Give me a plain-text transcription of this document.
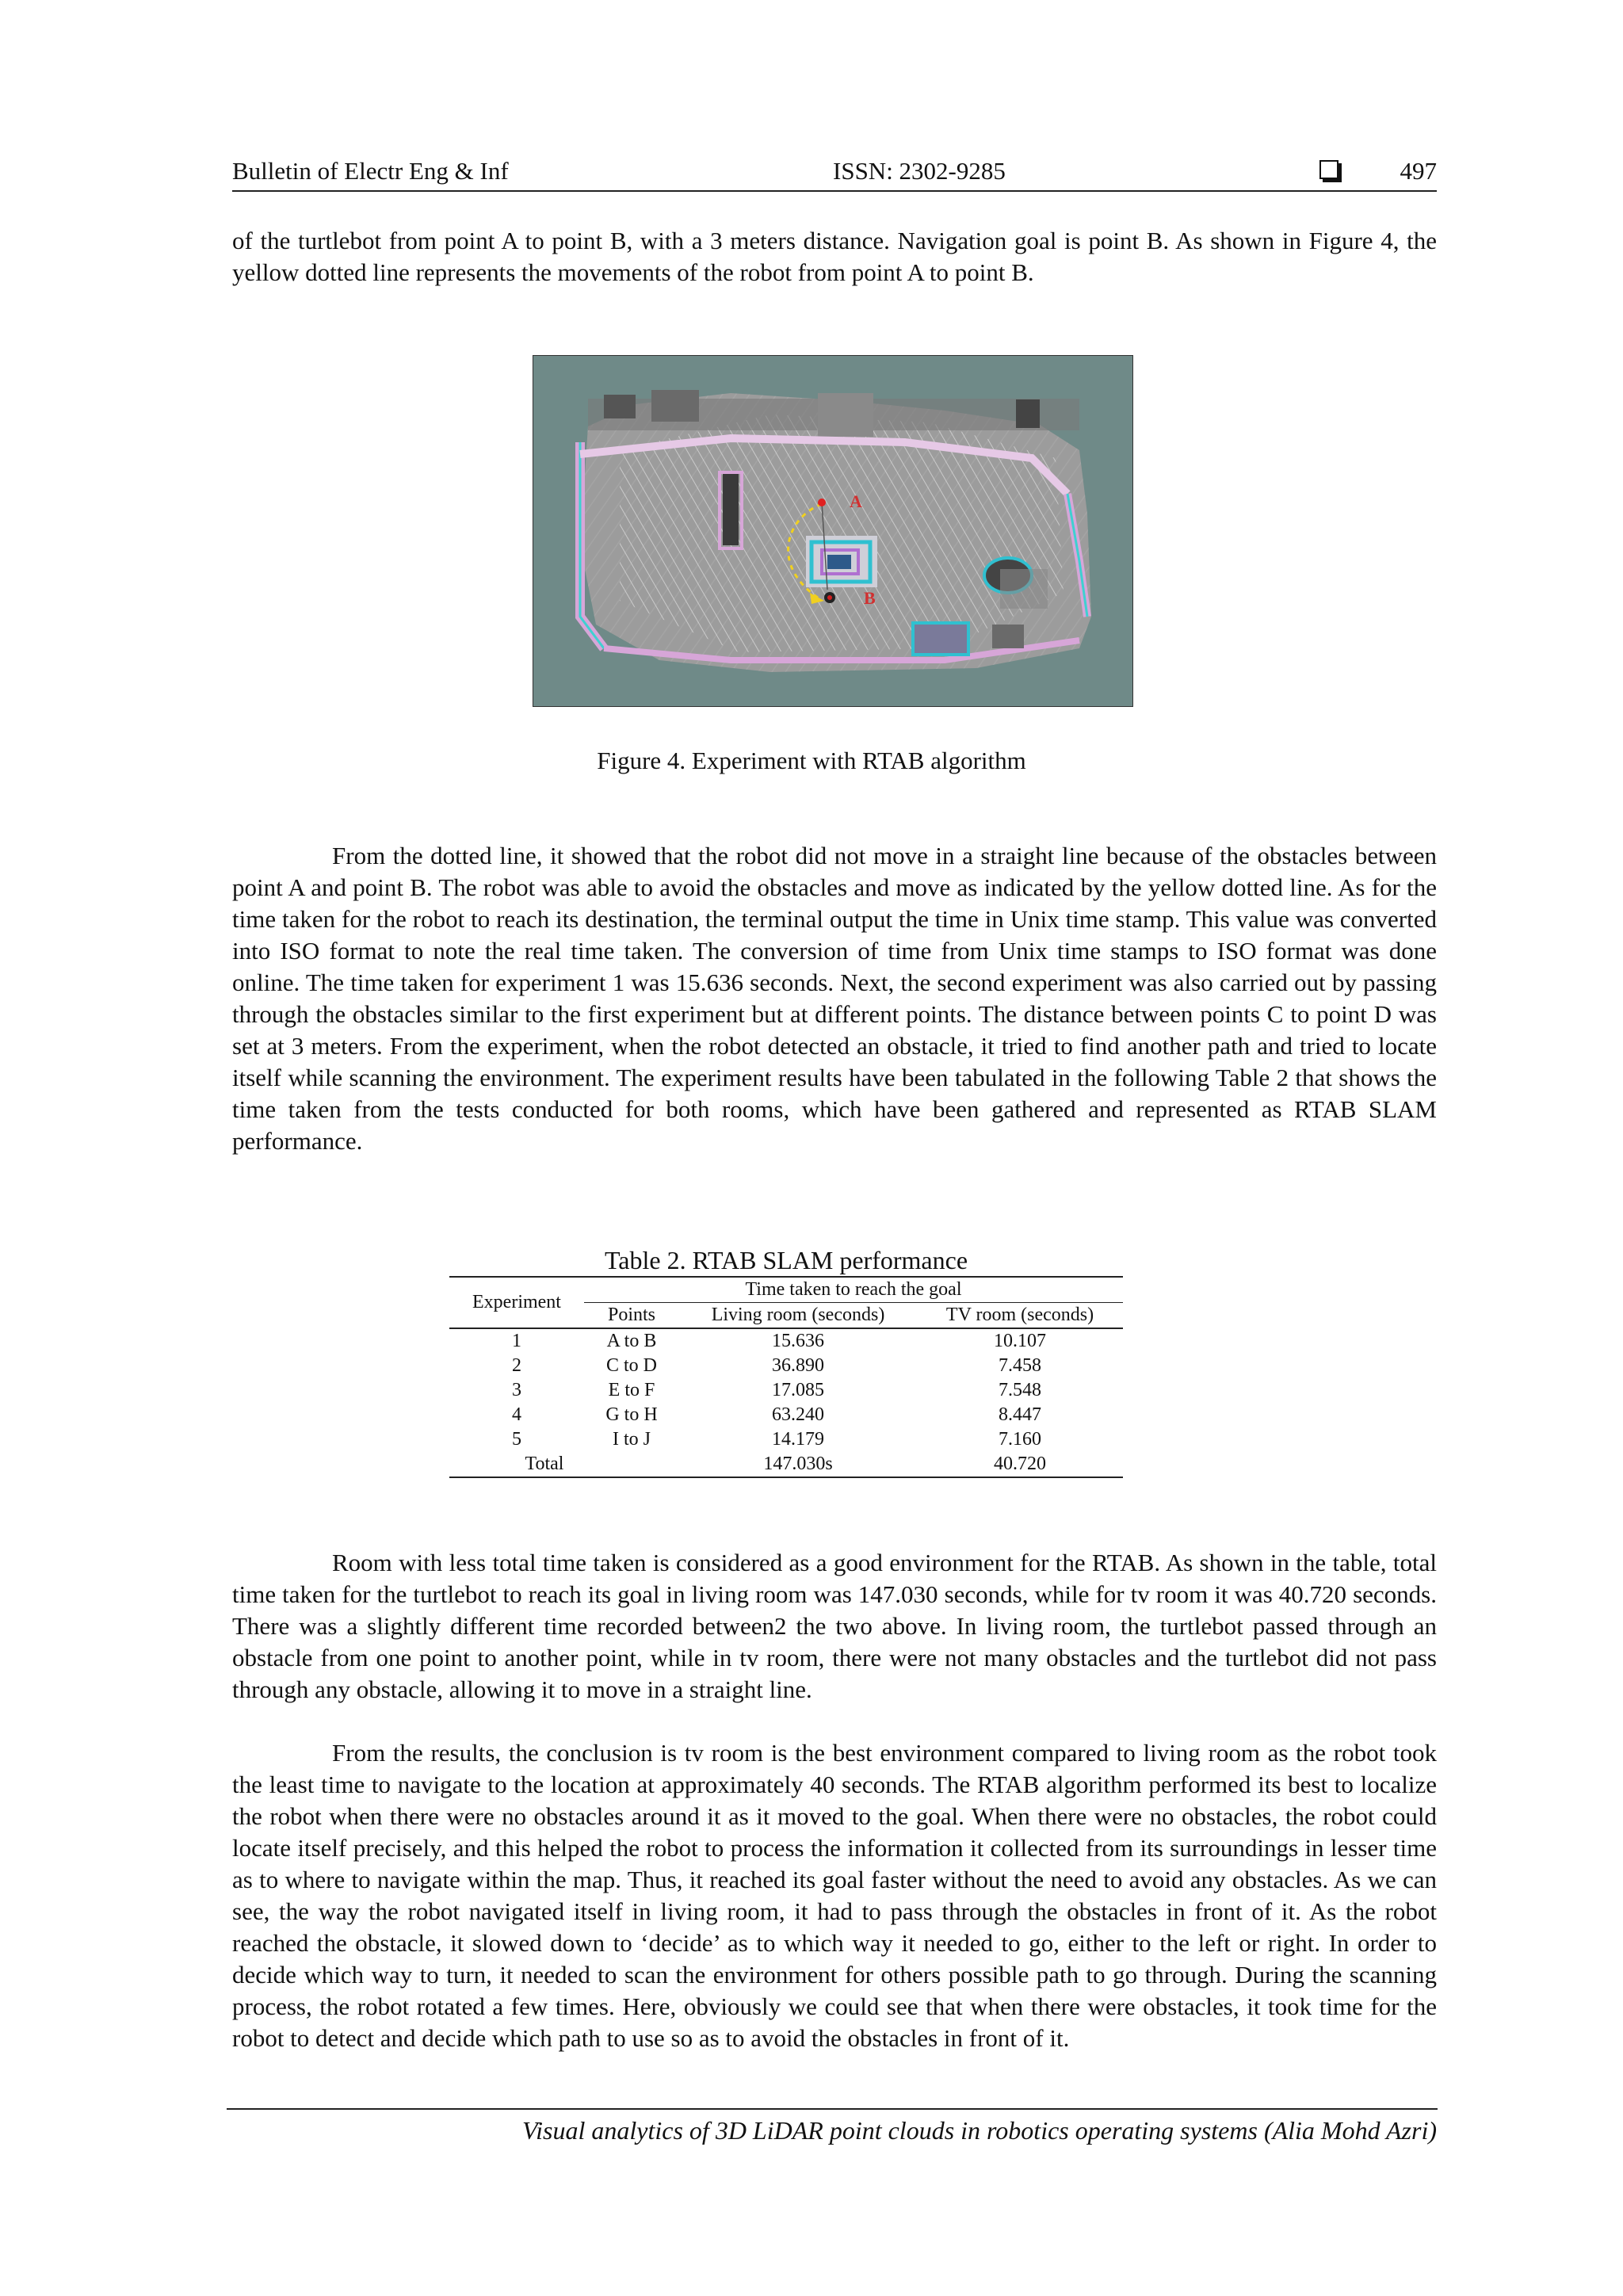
Bulletin of Electr Eng & Inf	ISSN: 2302-9285	497
of the turtlebot from point A to point B, with a 3 meters distance. Navigation goal is point B. As shown in Figure 4, the yellow dotted line represents the movements of the robot from point A to point B.
A
B
Figure 4. Experiment with RTAB algorithm
From the dotted line, it showed that the robot did not move in a straight line because of the obstacles between point A and point B. The robot was able to avoid the obstacles and move as indicated by the yellow dotted line. As for the time taken for the robot to reach its destination, the terminal output the time in Unix time stamp. This value was converted into ISO format to note the real time taken. The conversion of time from Unix time stamps to ISO format was done online. The time taken for experiment 1 was 15.636 seconds. Next, the second experiment was also carried out by passing through the obstacles similar to the first experiment but at different points. The distance between points C to point D was set at 3 meters. From the experiment, when the robot detected an obstacle, it tried to find another path and tried to locate itself while scanning the environment. The experiment results have been tabulated in the following Table 2 that shows the time taken from the tests conducted for both rooms, which have been gathered and represented as RTAB SLAM performance.
Table 2. RTAB SLAM performance
Experiment	Time taken to reach the goal		
	Points	Living room (seconds)	TV room (seconds)
1	A to B	15.636	10.107
2	C to D	36.890	7.458
3	E to F	17.085	7.548
4	G to H	63.240	8.447
5	I to J	14.179	7.160
Total		147.030s	40.720
Room with less total time taken is considered as a good environment for the RTAB. As shown in the table, total time taken for the turtlebot to reach its goal in living room was 147.030 seconds, while for tv room it was 40.720 seconds. There was a slightly different time recorded between2 the two above. In living room, the turtlebot passed through an obstacle from one point to another point, while in tv room, there were not many obstacles and the turtlebot did not pass through any obstacle, allowing it to move in a straight line.
From the results, the conclusion is tv room is the best environment compared to living room as the robot took the least time to navigate to the location at approximately 40 seconds. The RTAB algorithm performed its best to localize the robot when there were no obstacles around it as it moved to the goal. When there were no obstacles, the robot could locate itself precisely, and this helped the robot to process the information it collected from its surroundings in lesser time as to where to navigate within the map. Thus, it reached its goal faster without the need to avoid any obstacles. As we can see, the way the robot navigated itself in living room, it had to pass through the obstacles in front of it. As the robot reached the obstacle, it slowed down to ‘decide’ as to which way it needed to go, either to the left or right. In order to decide which way to turn, it needed to scan the environment for others possible path to go through. During the scanning process, the robot rotated a few times. Here, obviously we could see that when there were obstacles, it took time for the robot to detect and decide which path to use so as to avoid the obstacles in front of it.
Visual analytics of 3D LiDAR point clouds in robotics operating systems (Alia Mohd Azri)
